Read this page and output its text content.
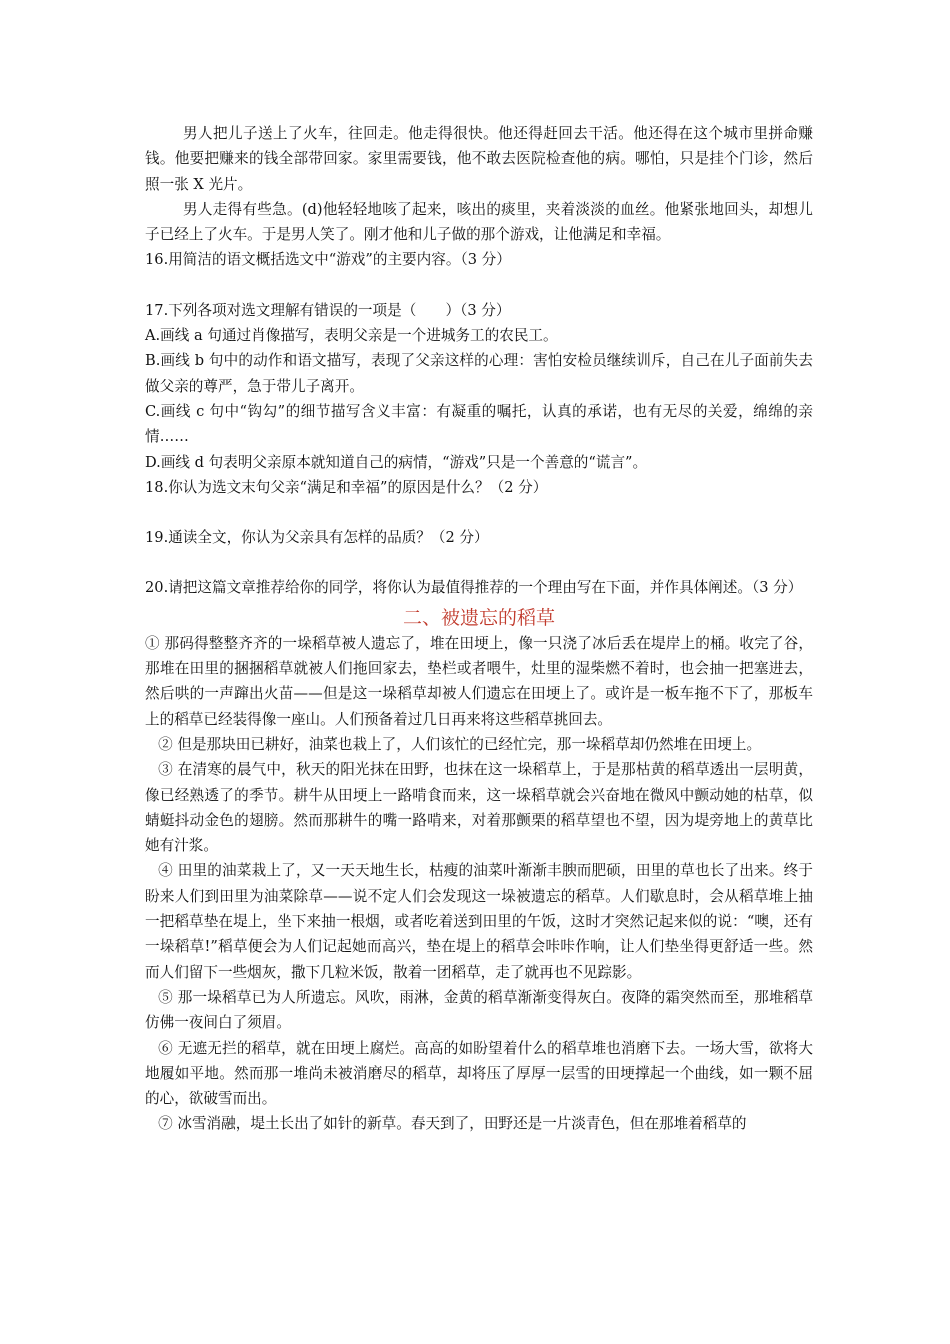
男人把儿子送上了火车，往回走。他走得很快。他还得赶回去干活。他还得在这个城市里拼命赚钱。他要把赚来的钱全部带回家。家里需要钱，他不敢去医院检查他的病。哪怕，只是挂个门诊，然后照一张 X 光片。

男人走得有些急。(d)他轻轻地咳了起来，咳出的痰里，夹着淡淡的血丝。他紧张地回头，却想儿子已经上了火车。于是男人笑了。刚才他和儿子做的那个游戏，让他满足和幸福。

16.用简洁的语文概括选文中“游戏”的主要内容。（3 分）

17.下列各项对选文理解有错误的一项是（　　）（3 分）

A.画线 a 句通过肖像描写，表明父亲是一个进城务工的农民工。

B.画线 b 句中的动作和语文描写，表现了父亲这样的心理：害怕安检员继续训斥，自己在儿子面前失去做父亲的尊严，急于带儿子离开。

C.画线 c 句中“钩勾”的细节描写含义丰富：有凝重的嘱托，认真的承诺，也有无尽的关爱，绵绵的亲情……

D.画线 d 句表明父亲原本就知道自己的病情，“游戏”只是一个善意的“谎言”。

18.你认为选文末句父亲“满足和幸福”的原因是什么？（2 分）

19.通读全文，你认为父亲具有怎样的品质？（2 分）

20.请把这篇文章推荐给你的同学，将你认为最值得推荐的一个理由写在下面，并作具体阐述。（3 分）

二、被遗忘的稻草

① 那码得整整齐齐的一垛稻草被人遗忘了，堆在田埂上，像一只浇了冰后丢在堤岸上的桶。收完了谷，那堆在田里的捆捆稻草就被人们拖回家去，垫栏或者喂牛，灶里的湿柴燃不着时，也会抽一把塞进去，然后哄的一声蹿出火苗——但是这一垛稻草却被人们遗忘在田埂上了。或许是一板车拖不下了，那板车上的稻草已经装得像一座山。人们预备着过几日再来将这些稻草挑回去。

② 但是那块田已耕好，油菜也栽上了，人们该忙的已经忙完，那一垛稻草却仍然堆在田埂上。

③ 在清寒的晨气中，秋天的阳光抹在田野，也抹在这一垛稻草上，于是那枯黄的稻草透出一层明黄，像已经熟透了的季节。耕牛从田埂上一路啃食而来，这一垛稻草就会兴奋地在微风中颤动她的枯草，似蜻蜓抖动金色的翅膀。然而那耕牛的嘴一路啃来，对着那颤栗的稻草望也不望，因为堤旁地上的黄草比她有汁浆。

④ 田里的油菜栽上了，又一天天地生长，枯瘦的油菜叶渐渐丰腴而肥硕，田里的草也长了出来。终于盼来人们到田里为油菜除草——说不定人们会发现这一垛被遗忘的稻草。人们歇息时，会从稻草堆上抽一把稻草垫在堤上，坐下来抽一根烟，或者吃着送到田里的午饭，这时才突然记起来似的说：“噢，还有一垛稻草!”稻草便会为人们记起她而高兴，垫在堤上的稻草会咔咔作响，让人们垫坐得更舒适一些。然而人们留下一些烟灰，撒下几粒米饭，散着一团稻草，走了就再也不见踪影。

⑤ 那一垛稻草已为人所遗忘。风吹，雨淋，金黄的稻草渐渐变得灰白。夜降的霜突然而至，那堆稻草仿佛一夜间白了须眉。

⑥ 无遮无拦的稻草，就在田埂上腐烂。高高的如盼望着什么的稻草堆也消磨下去。一场大雪，欲将大地履如平地。然而那一堆尚未被消磨尽的稻草，却将压了厚厚一层雪的田埂撑起一个曲线，如一颗不屈的心，欲破雪而出。

⑦ 冰雪消融，堤土长出了如针的新草。春天到了，田野还是一片淡青色，但在那堆着稻草的
